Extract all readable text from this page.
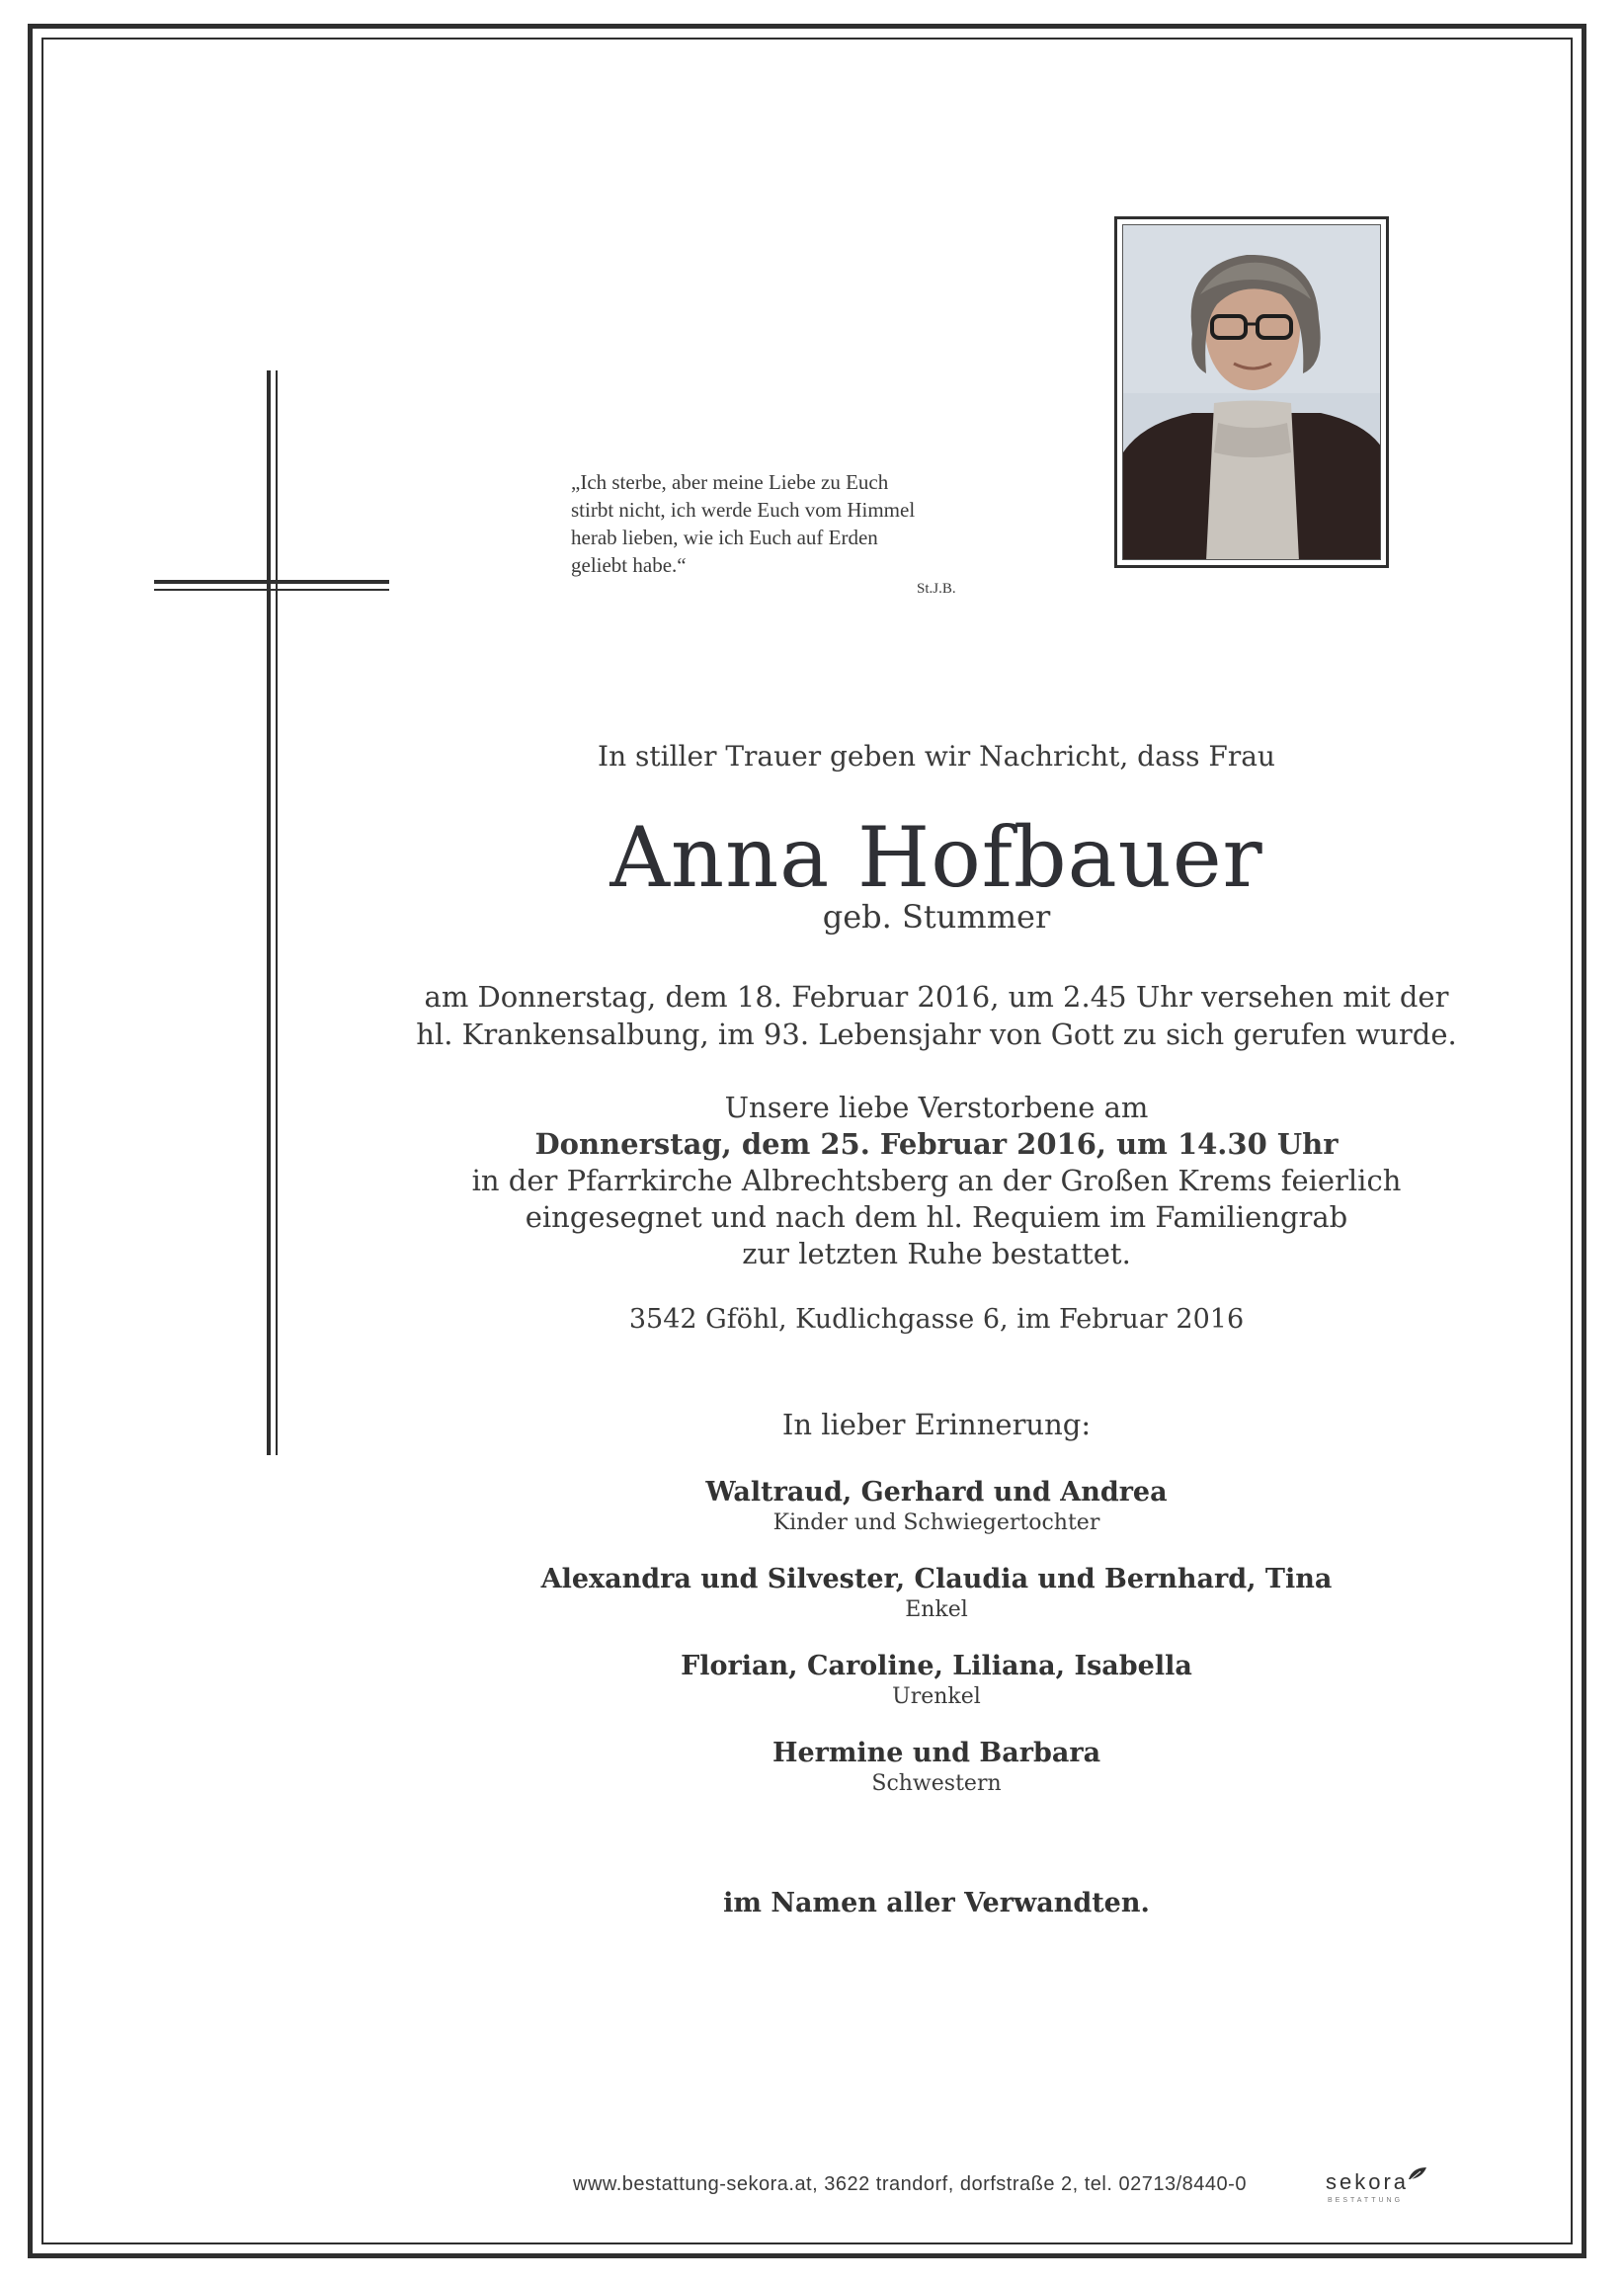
„Ich sterbe, aber meine Liebe zu Euch
stirbt nicht, ich werde Euch vom Himmel
herab lieben, wie ich Euch auf Erden
geliebt habe.“
St.J.B.
In stiller Trauer geben wir Nachricht, dass Frau
Anna Hofbauer
geb. Stummer

am Donnerstag, dem 18. Februar 2016, um 2.45 Uhr versehen mit der

hl. Krankensalbung, im 93. Lebensjahr von Gott zu sich gerufen wurde.

Unsere liebe Verstorbene am

Donnerstag, dem 25. Februar 2016, um 14.30 Uhr

in der Pfarrkirche Albrechtsberg an der Großen Krems feierlich

eingesegnet und nach dem hl. Requiem im Familiengrab

zur letzten Ruhe bestattet.

3542 Gföhl, Kudlichgasse 6, im Februar 2016
In lieber Erinnerung:
Waltraud, Gerhard und Andrea
Kinder und Schwiegertochter
Alexandra und Silvester, Claudia und Bernhard, Tina
Enkel
Florian, Caroline, Liliana, Isabella
Urenkel
Hermine und Barbara
Schwestern
im Namen aller Verwandten.
www.bestattung-sekora.at, 3622 trandorf, dorfstraße 2, tel. 02713/8440-0	sekora
BESTATTUNG
